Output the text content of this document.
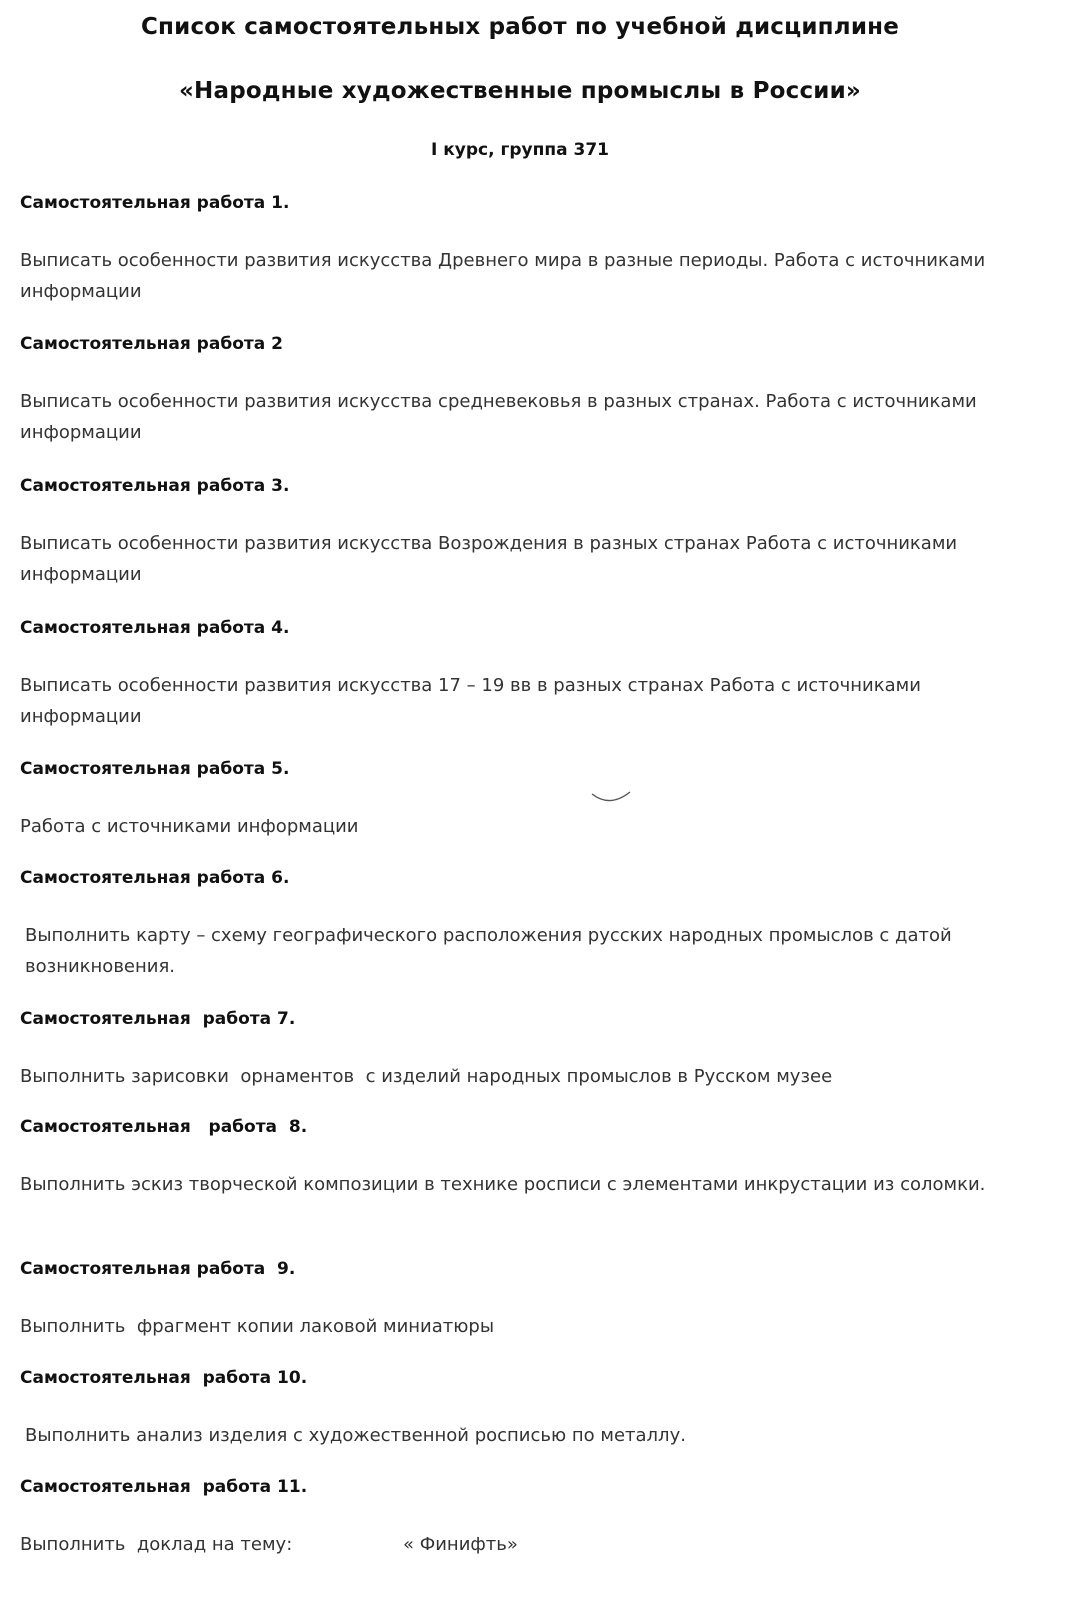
Список самостоятельных работ по учебной дисциплине
«Народные художественные промыслы в России»
I курс, группа 371
Самостоятельная работа 1.
Выписать особенности развития искусства Древнего мира в разные периоды. Работа с источниками информации
Самостоятельная работа 2
Выписать особенности развития искусства средневековья в разных странах. Работа с источниками информации
Самостоятельная работа 3.
Выписать особенности развития искусства Возрождения в разных странах Работа с источниками информации
Самостоятельная работа 4.
Выписать особенности развития искусства 17 – 19 вв в разных странах Работа с источниками информации
Самостоятельная работа 5.
Работа с источниками информации
Самостоятельная работа 6.
Выполнить карту – схему географического расположения русских народных промыслов с датой возникновения.
Самостоятельная  работа 7.
Выполнить зарисовки  орнаментов  с изделий народных промыслов в Русском музее
Самостоятельная   работа  8.
Выполнить эскиз творческой композиции в технике росписи с элементами инкрустации из соломки.
Самостоятельная работа  9.
Выполнить  фрагмент копии лаковой миниатюры
Самостоятельная  работа 10.
Выполнить анализ изделия с художественной росписью по металлу.
Самостоятельная  работа 11.
Выполнить  доклад на тему:	« Финифть»
